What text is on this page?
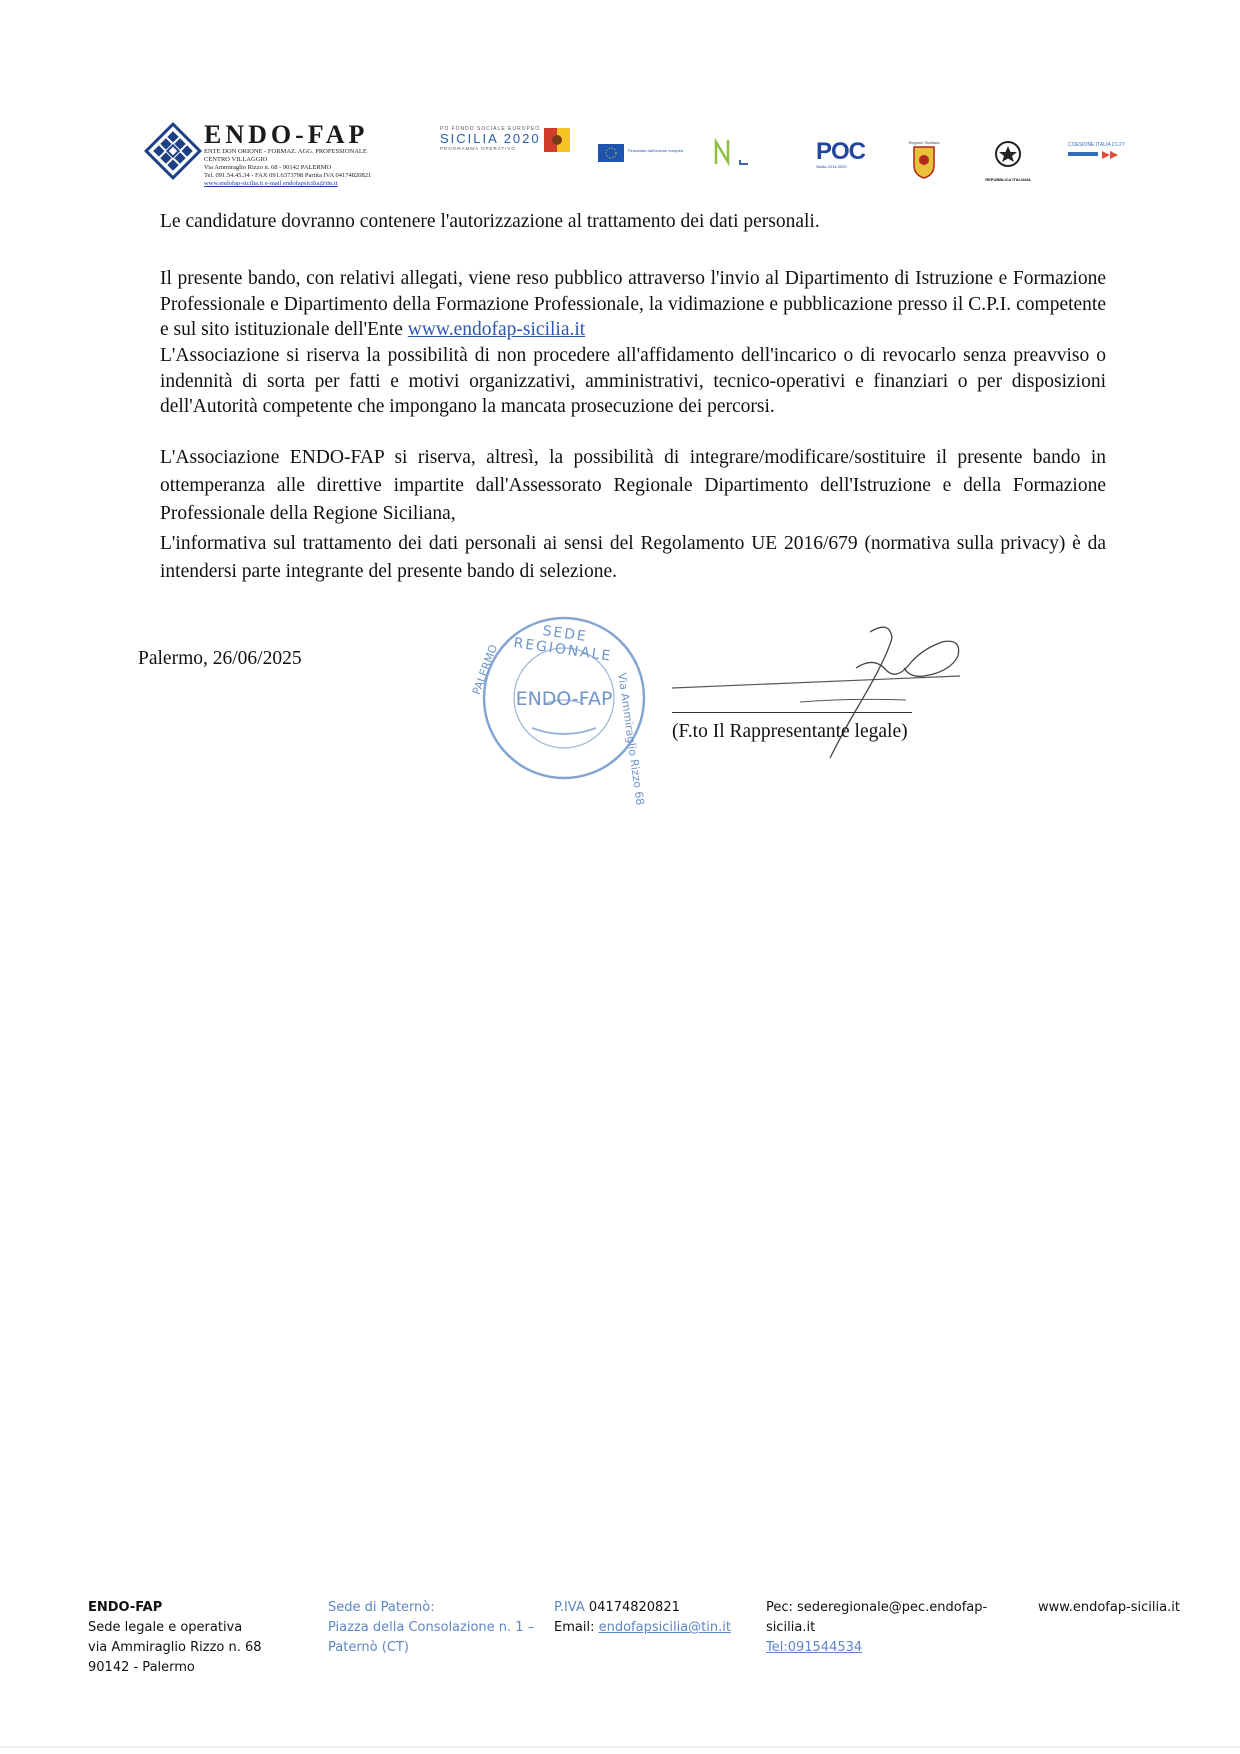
ENDO-FAP
ENTE DON ORIONE - FORMAZ. AGG. PROFESSIONALE
CENTRO VILLAGGIO
Via Ammiraglio Rizzo n. 68 - 90142 PALERMO
Tel. 091.54.45.34 - FAX 091.6373798 Partita IVA 04174820821
www.endofap-sicilia.it e-mail endofapsicilia@tin.it
PO FONDO SOCIALE EUROPEO
SICILIA 2020
PROGRAMMA OPERATIVO	Finanziato dall'Unione europea	POC
Sicilia 2014-2020
Regione Siciliana
REPUBBLICA ITALIANA
COESIONE ITALIA 21-27
Le candidature dovranno contenere l'autorizzazione al trattamento dei dati personali.
Il presente bando, con relativi allegati, viene reso pubblico attraverso l'invio al Dipartimento di Istruzione e Formazione Professionale e Dipartimento della Formazione Professionale, la vidimazione e pubblicazione presso il C.P.I. competente e sul sito istituzionale dell'Ente www.endofap-sicilia.it
L'Associazione si riserva la possibilità di non procedere all'affidamento dell'incarico o di revocarlo senza preavviso o indennità di sorta per fatti e motivi organizzativi, amministrativi, tecnico-operativi e finanziari o per disposizioni dell'Autorità competente che impongano la mancata prosecuzione dei percorsi.
L'Associazione ENDO-FAP si riserva, altresì, la possibilità di integrare/modificare/sostituire il presente bando in ottemperanza alle direttive impartite dall'Assessorato Regionale Dipartimento dell'Istruzione e della Formazione Professionale della Regione Siciliana,
L'informativa sul trattamento dei dati personali ai sensi del Regolamento UE 2016/679 (normativa sulla privacy) è da intendersi parte integrante del presente bando di selezione.
Palermo, 26/06/2025
SEDE REGIONALE
ENDO-FAP
PALERMO
Via Ammiraglio Rizzo 68 (F.to Il Rappresentante legale)
ENDO-FAP
Sede legale e operativa
via Ammiraglio Rizzo n. 68
90142 - Palermo
Sede di Paternò:
Piazza della Consolazione n. 1 –
Paternò (CT)
P.IVA 04174820821
Email: endofapsicilia@tin.it
Pec: sederegionale@pec.endofap-
sicilia.it
Tel:091544534
www.endofap-sicilia.it
